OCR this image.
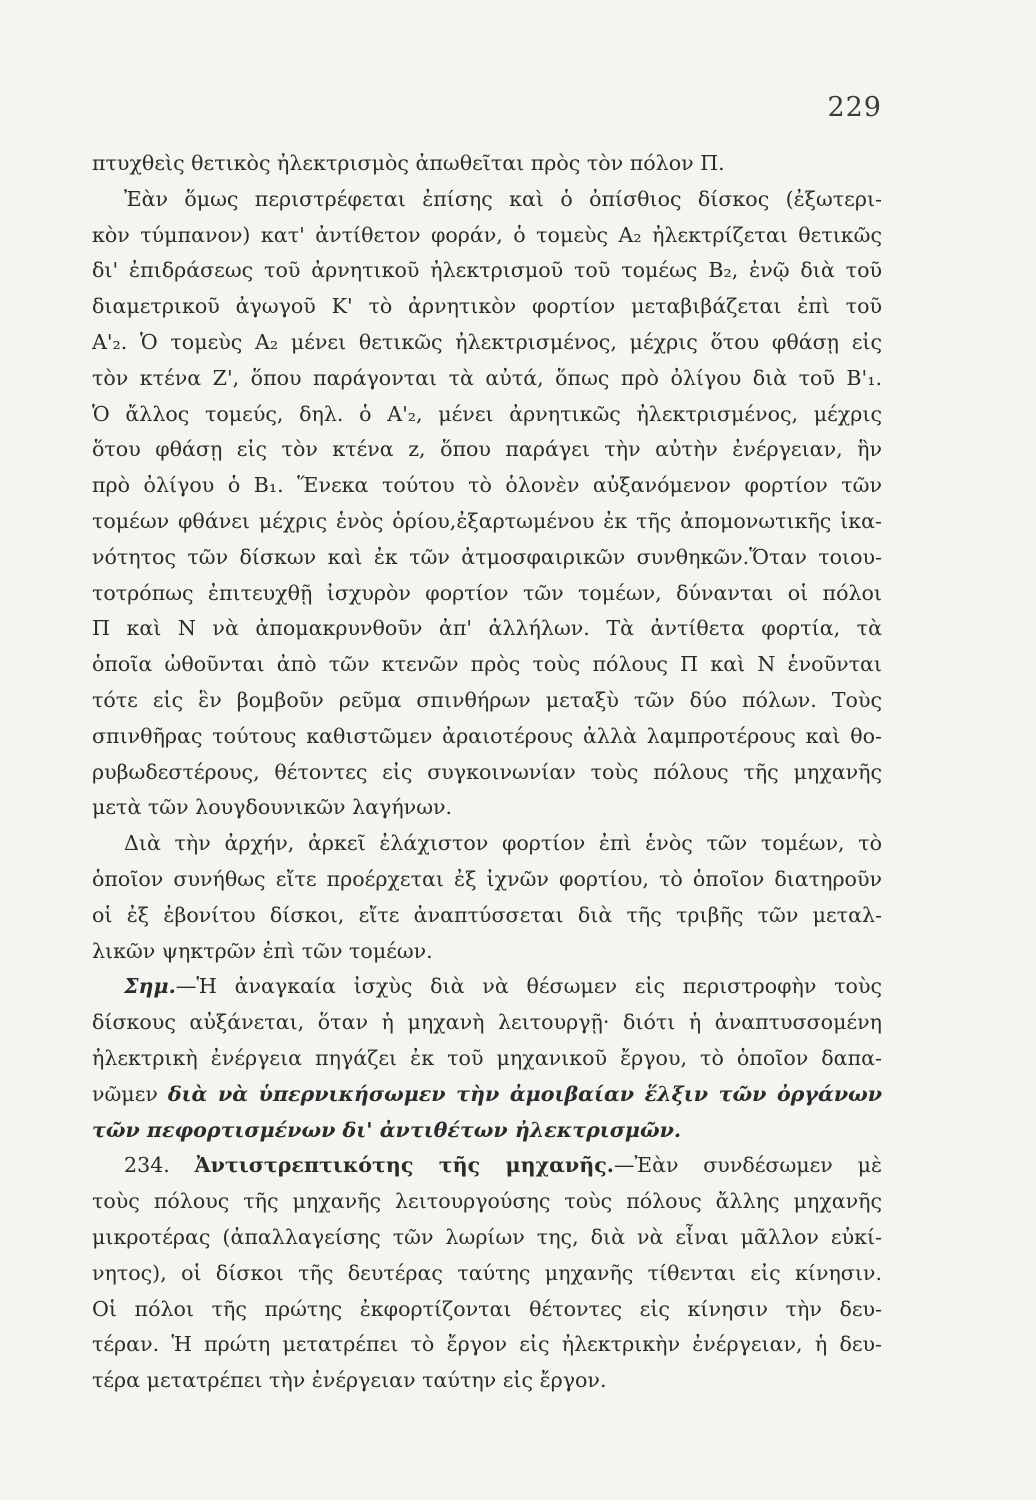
229
πτυχθεὶς θετικὸς ἠλεκτρισμὸς ἀπωθεῖται πρὸς τὸν πόλον Π.
Ἐὰν ὅμως περιστρέφεται ἐπίσης καὶ ὁ ὀπίσθιος δίσκος (ἐξωτερι-
κὸν τύμπανον) κατ' ἀντίθετον φοράν, ὁ τομεὺς A₂ ἠλεκτρίζεται θετικῶς
δι' ἐπιδράσεως τοῦ ἀρνητικοῦ ἠλεκτρισμοῦ τοῦ τομέως B₂, ἐνῷ διὰ τοῦ
διαμετρικοῦ ἀγωγοῦ K' τὸ ἀρνητικὸν φορτίον μεταβιβάζεται ἐπὶ τοῦ
A'₂. Ὁ τομεὺς A₂ μένει θετικῶς ἠλεκτρισμένος, μέχρις ὅτου φθάσῃ εἰς
τὸν κτένα Z', ὅπου παράγονται τὰ αὐτά, ὅπως πρὸ ὀλίγου διὰ τοῦ B'₁.
Ὁ ἄλλος τομεύς, δηλ. ὁ A'₂, μένει ἀρνητικῶς ἠλεκτρισμένος, μέχρις
ὅτου φθάσῃ εἰς τὸν κτένα z, ὅπου παράγει τὴν αὐτὴν ἐνέργειαν, ἣν
πρὸ ὀλίγου ὁ B₁. Ἕνεκα τούτου τὸ ὁλονὲν αὐξανόμενον φορτίον τῶν
τομέων φθάνει μέχρις ἑνὸς ὁρίου,ἐξαρτωμένου ἐκ τῆς ἀπομονωτικῆς ἱκα-
νότητος τῶν δίσκων καὶ ἐκ τῶν ἀτμοσφαιρικῶν συνθηκῶν.Ὅταν τοιου-
τοτρόπως ἐπιτευχθῇ ἰσχυρὸν φορτίον τῶν τομέων, δύνανται οἱ πόλοι
Π καὶ N νὰ ἀπομακρυνθοῦν ἀπ' ἀλλήλων. Τὰ ἀντίθετα φορτία, τὰ
ὁποῖα ὠθοῦνται ἀπὸ τῶν κτενῶν πρὸς τοὺς πόλους Π καὶ N ἑνοῦνται
τότε εἰς ἓν βομβοῦν ρεῦμα σπινθήρων μεταξὺ τῶν δύο πόλων. Τοὺς
σπινθῆρας τούτους καθιστῶμεν ἀραιοτέρους ἀλλὰ λαμπροτέρους καὶ θο-
ρυβωδεστέρους, θέτοντες εἰς συγκοινωνίαν τοὺς πόλους τῆς μηχανῆς
μετὰ τῶν λουγδουνικῶν λαγήνων.
Διὰ τὴν ἀρχήν, ἀρκεῖ ἐλάχιστον φορτίον ἐπὶ ἑνὸς τῶν τομέων, τὸ
ὁποῖον συνήθως εἴτε προέρχεται ἐξ ἰχνῶν φορτίου, τὸ ὁποῖον διατηροῦν
οἱ ἐξ ἐβονίτου δίσκοι, εἴτε ἀναπτύσσεται διὰ τῆς τριβῆς τῶν μεταλ-
λικῶν ψηκτρῶν ἐπὶ τῶν τομέων.
Σημ.—Ἡ ἀναγκαία ἰσχὺς διὰ νὰ θέσωμεν εἰς περιστροφὴν τοὺς
δίσκους αὐξάνεται, ὅταν ἡ μηχανὴ λειτουργῇ· διότι ἡ ἀναπτυσσομένη
ἠλεκτρικὴ ἐνέργεια πηγάζει ἐκ τοῦ μηχανικοῦ ἔργου, τὸ ὁποῖον δαπα-
νῶμεν διὰ νὰ ὑπερνικήσωμεν τὴν ἀμοιβαίαν ἕλξιν τῶν ὀργάνων
τῶν πεφορτισμένων δι' ἀντιθέτων ἠλεκτρισμῶν.
234. Ἀντιστρεπτικότης τῆς μηχανῆς.—Ἐὰν συνδέσωμεν μὲ
τοὺς πόλους τῆς μηχανῆς λειτουργούσης τοὺς πόλους ἄλλης μηχανῆς
μικροτέρας (ἀπαλλαγείσης τῶν λωρίων της, διὰ νὰ εἶναι μᾶλλον εὐκί-
νητος), οἱ δίσκοι τῆς δευτέρας ταύτης μηχανῆς τίθενται εἰς κίνησιν.
Οἱ πόλοι τῆς πρώτης ἐκφορτίζονται θέτοντες εἰς κίνησιν τὴν δευ-
τέραν. Ἡ πρώτη μετατρέπει τὸ ἔργον εἰς ἠλεκτρικὴν ἐνέργειαν, ἡ δευ-
τέρα μετατρέπει τὴν ἐνέργειαν ταύτην εἰς ἔργον.
